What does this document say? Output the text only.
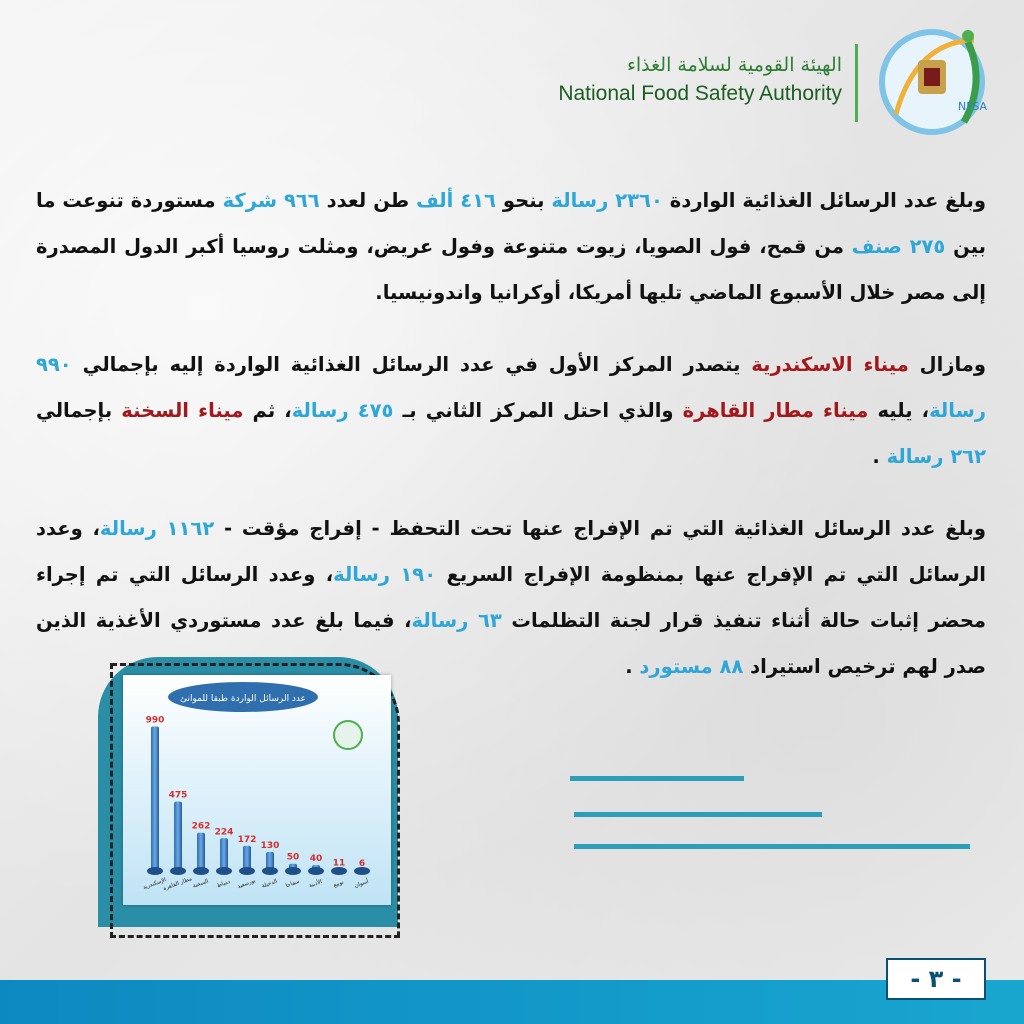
NFSA
الهيئة القومية لسلامة الغذاء
National Food Safety Authority

وبلغ عدد الرسائل الغذائية الواردة ٢٣٦٠ رسالة بنحو ٤١٦ ألف طن لعدد ٩٦٦ شركة مستوردة تنوعت ما بين ٢٧٥ صنف من قمح، فول الصويا، زيوت متنوعة وفول عريض، ومثلت روسيا أكبر الدول المصدرة إلى مصر خلال الأسبوع الماضي تليها أمريكا، أوكرانيا واندونيسيا.

ومازال ميناء الاسكندرية يتصدر المركز الأول في عدد الرسائل الغذائية الواردة إليه بإجمالي ٩٩٠ رسالة، يليه ميناء مطار القاهرة والذي احتل المركز الثاني بـ ٤٧٥ رسالة، ثم ميناء السخنة بإجمالي ٢٦٢ رسالة .

وبلغ عدد الرسائل الغذائية التي تم الإفراج عنها تحت التحفظ - إفراج مؤقت - ١١٦٢ رسالة، وعدد الرسائل التي تم الإفراج عنها بمنظومة الإفراج السريع ١٩٠ رسالة، وعدد الرسائل التي تم إجراء محضر إثبات حالة أثناء تنفيذ قرار لجنة التظلمات ٦٣ رسالة، فيما بلغ عدد مستوردي الأغذية الذين صدر لهم ترخيص استيراد ٨٨ مستورد .

عدد الرسائل الواردة طبقا للموانئ
990
الإسكندرية
475
مطار القاهرة
262
السخنة
224
دمياط
172
بورسعيد
130
الدخيلة
50
سفاجا
40
الأدبية
11
نويبع
6
أسوان
- ٣ -
